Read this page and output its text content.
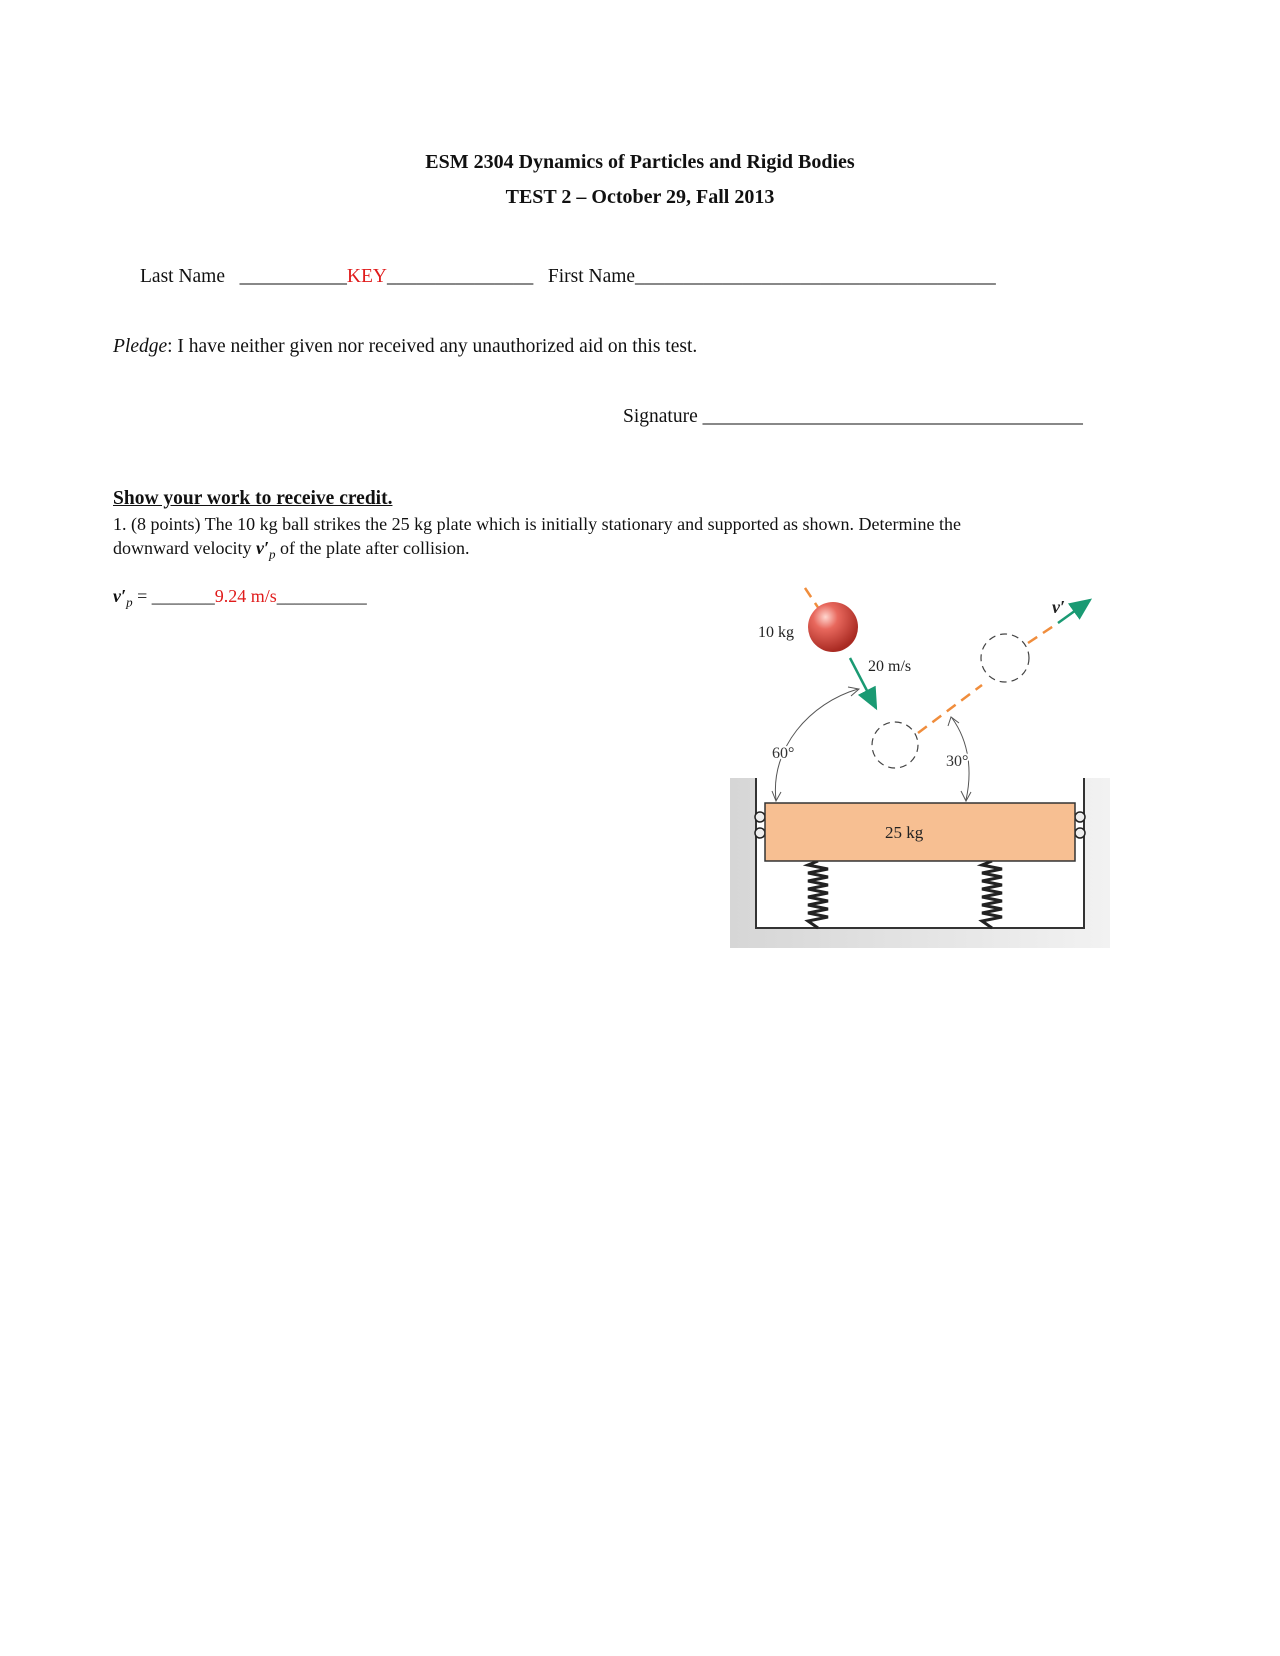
ESM 2304 Dynamics of Particles and Rigid Bodies
TEST 2 – October 29, Fall 2013
Last Name ___________KEY_______________ First Name_____________________________________
Pledge: I have neither given nor received any unauthorized aid on this test.
Signature _______________________________________
Show your work to receive credit.
1. (8 points) The 10 kg ball strikes the 25 kg plate which is initially stationary and supported as shown. Determine the
downward velocity $v'_p$ of the plate after collision.
$v'_p$ = _______9.24 m/s__________
25 kg
10 kg
20 m/s
v′
60°	30°
